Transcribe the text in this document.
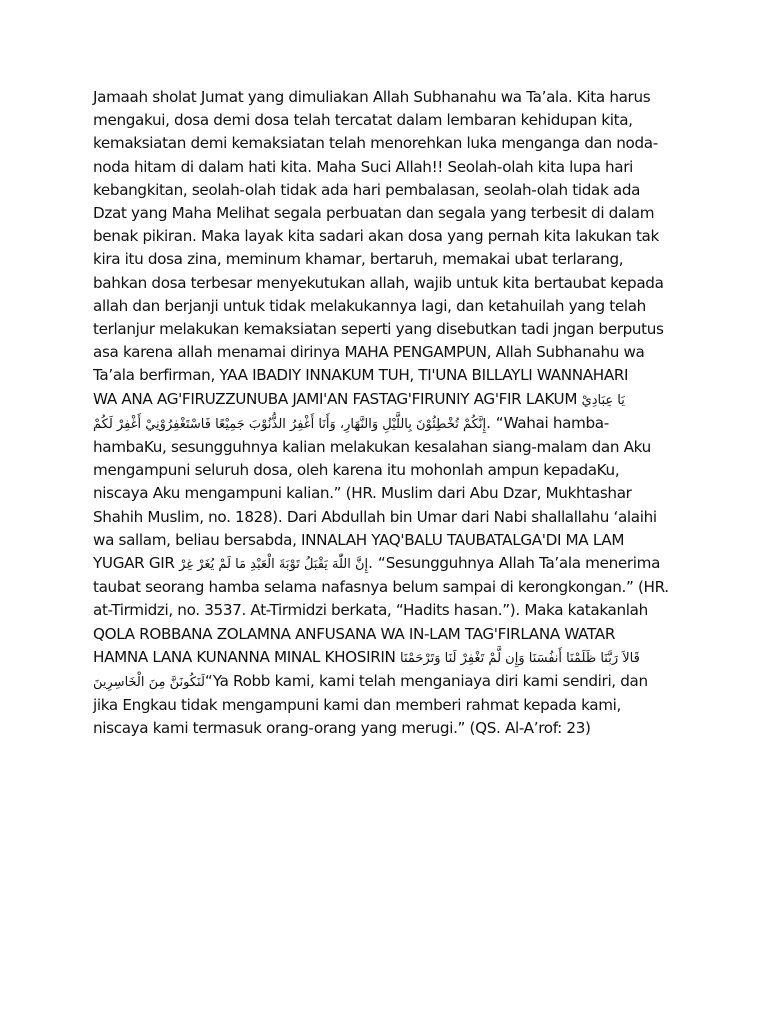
Jamaah sholat Jumat yang dimuliakan Allah Subhanahu wa Ta’ala. Kita harus
mengakui, dosa demi dosa telah tercatat dalam lembaran kehidupan kita,
kemaksiatan demi kemaksiatan telah menorehkan luka menganga dan noda-
noda hitam di dalam hati kita. Maha Suci Allah!! Seolah-olah kita lupa hari
kebangkitan, seolah-olah tidak ada hari pembalasan, seolah-olah tidak ada
Dzat yang Maha Melihat segala perbuatan dan segala yang terbesit di dalam
benak pikiran. Maka layak kita sadari akan dosa yang pernah kita lakukan tak
kira itu dosa zina, meminum khamar, bertaruh, memakai ubat terlarang,
bahkan dosa terbesar menyekutukan allah, wajib untuk kita bertaubat kepada
allah dan berjanji untuk tidak melakukannya lagi, dan ketahuilah yang telah
terlanjur melakukan kemaksiatan seperti yang disebutkan tadi jngan berputus
asa karena allah menamai dirinya MAHA PENGAMPUN, Allah Subhanahu wa
Ta’ala berfirman, YAA IBADIY INNAKUM TUH, TI'UNA BILLAYLI WANNAHARI
WA ANA AG'FIRUZZUNUBA JAMI'AN FASTAG'FIRUNIY AG'FIR LAKUM يَا عِبَادِيْ
إِنَّكُمْ تُخْطِئُوْنَ بِاللَّيْلِ وَالنَّهَارِ، وَأَنَا أَغْفِرُ الذُّنُوْبَ جَمِيْعًا فَاسْتَغْفِرُوْنِيْ أَغْفِرْ لَكُمْ. “Wahai hamba-
hambaKu, sesungguhnya kalian melakukan kesalahan siang-malam dan Aku
mengampuni seluruh dosa, oleh karena itu mohonlah ampun kepadaKu,
niscaya Aku mengampuni kalian.” (HR. Muslim dari Abu Dzar, Mukhtashar
Shahih Muslim, no. 1828). Dari Abdullah bin Umar dari Nabi shallallahu ‘alaihi
wa sallam, beliau bersabda, INNALAH YAQ'BALU TAUBATALGA'DI MA LAM
YUGAR GIR إِنَّ اللّٰهَ يَقْبَلُ تَوْبَةَ الْعَبْدِ مَا لَمْ يُغَرْ غِرْ. “Sesungguhnya Allah Ta’ala menerima
taubat seorang hamba selama nafasnya belum sampai di kerongkongan.” (HR.
at-Tirmidzi, no. 3537. At-Tirmidzi berkata, “Hadits hasan.”). Maka katakanlah
QOLA ROBBANA ZOLAMNA ANFUSANA WA IN-LAM TAG'FIRLANA WATAR
HAMNA LANA KUNANNA MINAL KHOSIRIN قَالاَ رَبَّنَا ظَلَمْنَا أَنفُسَنَا وَإِن لَّمْ تَغْفِرْ لَنَا وَتَرْحَمْنَا
لَنَكُونَنَّ مِنَ الْخَاسِرِينَ“Ya Robb kami, kami telah menganiaya diri kami sendiri, dan
jika Engkau tidak mengampuni kami dan memberi rahmat kepada kami,
niscaya kami termasuk orang-orang yang merugi.” (QS. Al-A’rof: 23)
